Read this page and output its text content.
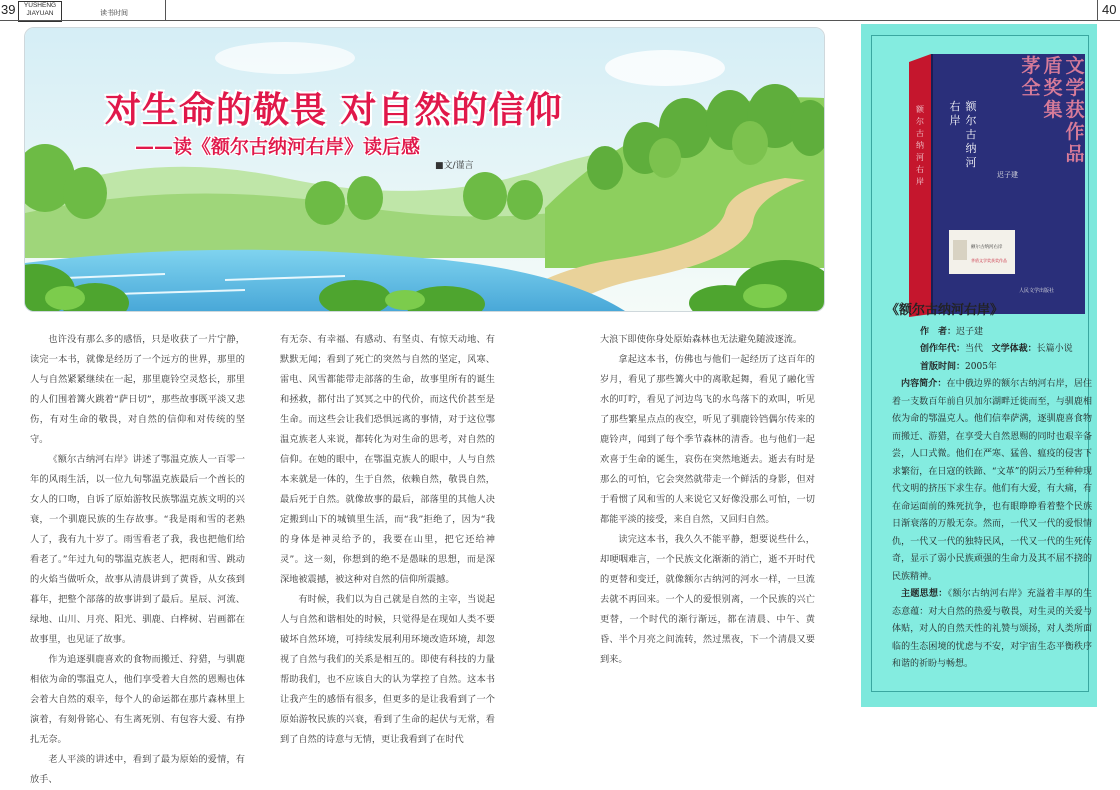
39	YUSHENG
JIAYUAN	读书时间	40
对生命的敬畏 对自然的信仰
——读《额尔古纳河右岸》读后感
■文/谨言

也许没有那么多的感悟，只是收获了一片宁静，读完一本书，就像是经历了一个远方的世界，那里的人与自然紧紧继续在一起，那里鹿铃空灵悠长，那里的人们围着篝火跳着“萨日切”，那些故事既平淡又悲伤，有对生命的敬畏，对自然的信仰和对传统的坚守。

《额尔古纳河右岸》讲述了鄂温克族人一百零一年的风雨生活，以一位九旬鄂温克族最后一个酋长的女人的口吻，自诉了原始游牧民族鄂温克族文明的兴衰，一个驯鹿民族的生存故事。“我是雨和雪的老熟人了，我有九十岁了。雨雪看老了我，我也把他们给看老了。”年过九旬的鄂温克族老人，把雨和雪、跳动的火焰当做听众，故事从清晨讲到了黄昏，从女孩到暮年，把整个部落的故事讲到了最后。星辰、河流、绿地、山川、月亮、阳光、驯鹿、白桦树、岩画都在故事里，也见证了故事。

作为追逐驯鹿喜欢的食物而搬迁、狩猎，与驯鹿相依为命的鄂温克人，他们享受着大自然的恩赐也体会着大自然的艰辛，每个人的命运都在那片森林里上演着，有刻骨铭心、有生离死别、有包容大爱、有挣扎无奈。

老人平淡的讲述中，看到了最为原始的爱情，有放手、

有无奈、有幸福、有感动、有坚贞、有惊天动地、有默默无闻；看到了死亡的突然与自然的坚定，风寒、雷电、风雪都能带走部落的生命，故事里所有的诞生和拯救，都付出了冥冥之中的代价，而这代价甚至是生命。而这些会让我们恐惧远离的事情，对于这位鄂温克族老人来说，都转化为对生命的思考，对自然的信仰。在她的眼中，在鄂温克族人的眼中，人与自然本来就是一体的，生于自然，依赖自然，敬畏自然，最后死于自然。就像故事的最后，部落里的其他人决定搬到山下的城镇里生活，而“我”拒绝了，因为“我的身体是神灵给予的，我要在山里，把它还给神灵”。这一刻，你想到的绝不是愚昧的思想，而是深深地被震撼，被这种对自然的信仰所震撼。

有时候，我们以为自己就是自然的主宰，当说起人与自然和谐相处的时候，只觉得是在现如人类不要破坏自然环境，可持续发展利用环境改造环境，却忽视了自然与我们的关系是相互的。即使有科技的力量帮助我们，也不应该自大的认为掌控了自然。这本书让我产生的感悟有很多，但更多的是让我看到了一个原始游牧民族的兴衰，看到了生命的起伏与无常，看到了自然的诗意与无情，更让我看到了在时代

大浪下即使你身处原始森林也无法避免随波逐流。

拿起这本书，仿佛也与他们一起经历了这百年的岁月，看见了那些篝火中的离歌起舞，看见了融化雪水的叮咛，看见了河边鸟飞的水鸟落下的欢叫，听见了那些繁星点点的夜空，听见了驯鹿铃铛偶尔传来的鹿铃声，闻到了每个季节森林的清香。也与他们一起欢喜于生命的诞生，哀伤在突然地逝去。逝去有时是那么的可怕，它会突然就带走一个鲜活的身影，但对于看惯了风和雪的人来说它又好像没那么可怕，一切都能平淡的接受，来自自然，又回归自然。

读完这本书，我久久不能平静，想要说些什么，却哽咽难言，一个民族文化渐渐的消亡，逝不开时代的更替和变迁，就像额尔古纳河的河水一样，一旦流去就不再回来。一个人的爱恨别离，一个民族的兴亡更替，一个时代的渐行渐远，都在清晨、中午、黄昏、半个月亮之间流转，然过黑夜，下一个清晨又要到来。

文
学
获
作
品
盾
奖
集
茅
全
额
尔
古
纳
河
右
岸
迟子建
人民文学出版社
额
尔
古
纳
河
右
岸
额尔古纳河右岸
茅盾文学奖获奖作品
《额尔古纳河右岸》
作　者：迟子建
创作年代：当代 文学体裁：长篇小说
首版时间：2005年
内容简介：在中俄边界的额尔古纳河右岸，居住着一支数百年前自贝加尔湖畔迁徙而至，与驯鹿相依为命的鄂温克人。他们信奉萨满，逐驯鹿喜食物而搬迁、游猎，在享受大自然恩赐的同时也艰辛备尝，人口式微。他们在严寒、猛兽、瘟疫的侵害下求繁衍，在日寇的铁蹄、“文革”的阴云乃至种种现代文明的挤压下求生存。他们有大爱，有大痛，有在命运面前的殊死抗争，也有眼睁睁看着整个民族日渐衰落的万般无奈。然而，一代又一代的爱恨情仇，一代又一代的独特民风，一代又一代的生死传奇，显示了弱小民族顽强的生命力及其不屈不挠的民族精神。
主题思想：《额尔古纳河右岸》充溢着丰厚的生态意蕴：对大自然的热爱与敬畏，对生灵的关爱与体贴，对人的自然天性的礼赞与颂扬，对人类所面临的生态困境的忧虑与不安，对宇宙生态平衡秩序和谐的祈盼与畅想。
